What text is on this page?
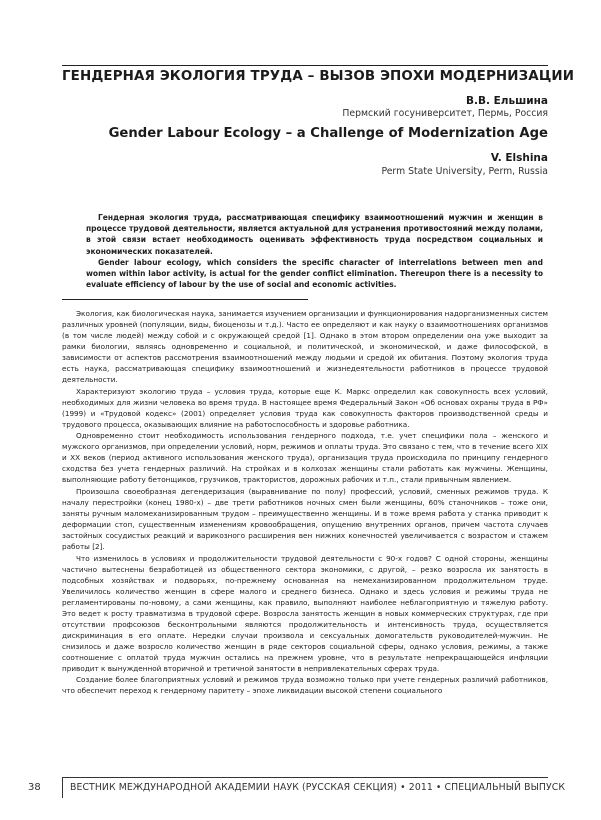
ГЕНДЕРНАЯ ЭКОЛОГИЯ ТРУДА – ВЫЗОВ ЭПОХИ МОДЕРНИЗАЦИИ
В.В. Ельшина
Пермский госуниверситет, Пермь, Россия
Gender Labour Ecology – a Challenge of Modernization Age
V. Elshina
Perm State University, Perm, Russia

Гендерная экология труда, рассматривающая специфику взаимоотношений мужчин и женщин в процессе трудовой деятельности, является актуальной для устранения противостояний между полами, в этой связи встает необходимость оценивать эффективность труда посредством социальных и экономических показателей.

Gender labour ecology, which considers the specific character of interrelations between men and women within labor activity, is actual for the gender conflict elimination. Thereupon there is a necessity to evaluate efficiency of labour by the use of social and economic activities.

Экология, как биологическая наука, занимается изучением организации и функционирования надорганизменных систем различных уровней (популяции, виды, биоценозы и т.д.). Часто ее определяют и как науку о взаимоотношениях организмов (в том числе людей) между собой и с окружающей средой [1]. Однако в этом втором определении она уже выходит за рамки биологии, являясь одновременно и социальной, и политической, и экономической, и даже философской, в зависимости от аспектов рассмотрения взаимоотношений между людьми и средой их обитания. Поэтому экология труда есть наука, рассматривающая специфику взаимоотношений и жизнедеятельности работников в процессе трудовой деятельности.

Характеризуют экологию труда – условия труда, которые еще К. Маркс определил как совокупность всех условий, необходимых для жизни человека во время труда. В настоящее время Федеральный Закон «Об основах охраны труда в РФ» (1999) и «Трудовой кодекс» (2001) определяет условия труда как совокупность факторов производственной среды и трудового процесса, оказывающих влияние на работоспособность и здоровье работника.

Одновременно стоит необходимость использования гендерного подхода, т.е. учет специфики пола – женского и мужского организмов, при определении условий, норм, режимов и оплаты труда. Это связано с тем, что в течение всего XIX и XX веков (период активного использования женского труда), организация труда происходила по принципу гендерного сходства без учета гендерных различий. На стройках и в колхозах женщины стали работать как мужчины. Женщины, выполняющие работу бетонщиков, грузчиков, трактористов, дорожных рабочих и т.п., стали привычным явлением.

Произошла своеобразная дегендеризация (выравнивание по полу) профессий, условий, сменных режимов труда. К началу перестройки (конец 1980-х) – две трети работников ночных смен были женщины, 60% станочников – тоже они, заняты ручным маломеханизированным трудом – преимущественно женщины. И в тоже время работа у станка приводит к деформации стоп, существенным изменениям кровообращения, опущению внутренних органов, причем частота случаев застойных сосудистых реакций и варикозного расширения вен нижних конечностей увеличивается с возрастом и стажем работы [2].

Что изменилось в условиях и продолжительности трудовой деятельности с 90-х годов? С одной стороны, женщины частично вытеснены безработицей из общественного сектора экономики, с другой, – резко возросла их занятость в подсобных хозяйствах и подворьях, по-прежнему основанная на немеханизированном продолжительном труде. Увеличилось количество женщин в сфере малого и среднего бизнеса. Однако и здесь условия и режимы труда не регламентированы по-новому, а сами женщины, как правило, выполняют наиболее неблагоприятную и тяжелую работу. Это ведет к росту травматизма в трудовой сфере. Возросла занятость женщин в новых коммерческих структурах, где при отсутствии профсоюзов бесконтрольными являются продолжительность и интенсивность труда, осуществляется дискриминация в его оплате. Нередки случаи произвола и сексуальных домогательств руководителей-мужчин. Не снизилось и даже возросло количество женщин в ряде секторов социальной сферы, однако условия, режимы, а также соотношение с оплатой труда мужчин остались на прежнем уровне, что в результате непрекращающейся инфляции приводит к вынужденной вторичной и третичной занятости в непривлекательных сферах труда.

Создание более благоприятных условий и режимов труда возможно только при учете гендерных различий работников, что обеспечит переход к гендерному паритету – эпохе ликвидации высокой степени социального

38	ВЕСТНИК МЕЖДУНАРОДНОЙ АКАДЕМИИ НАУК (РУССКАЯ СЕКЦИЯ) • 2011 • СПЕЦИАЛЬНЫЙ ВЫПУСК
